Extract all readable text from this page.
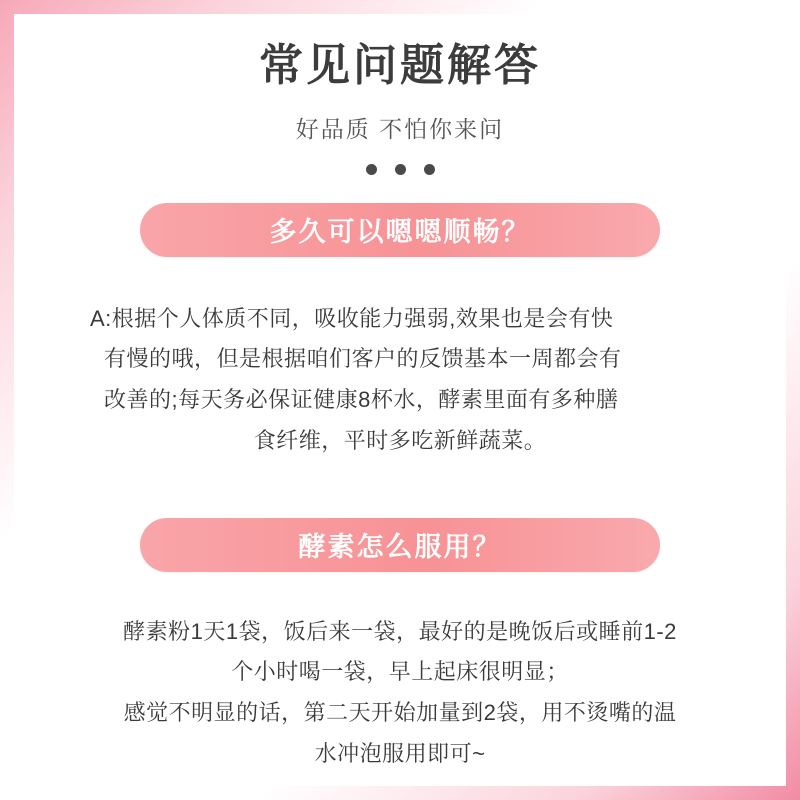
常见问题解答
好品质 不怕你来问
多久可以嗯嗯顺畅？
A:根据个人体质不同，吸收能力强弱,效果也是会有快
有慢的哦，但是根据咱们客户的反馈基本一周都会有
改善的;每天务必保证健康8杯水，酵素里面有多种膳
食纤维，平时多吃新鲜蔬菜。
酵素怎么服用？
酵素粉1天1袋，饭后来一袋，最好的是晚饭后或睡前1-2
个小时喝一袋，早上起床很明显；
感觉不明显的话，第二天开始加量到2袋，用不烫嘴的温
水冲泡服用即可~
